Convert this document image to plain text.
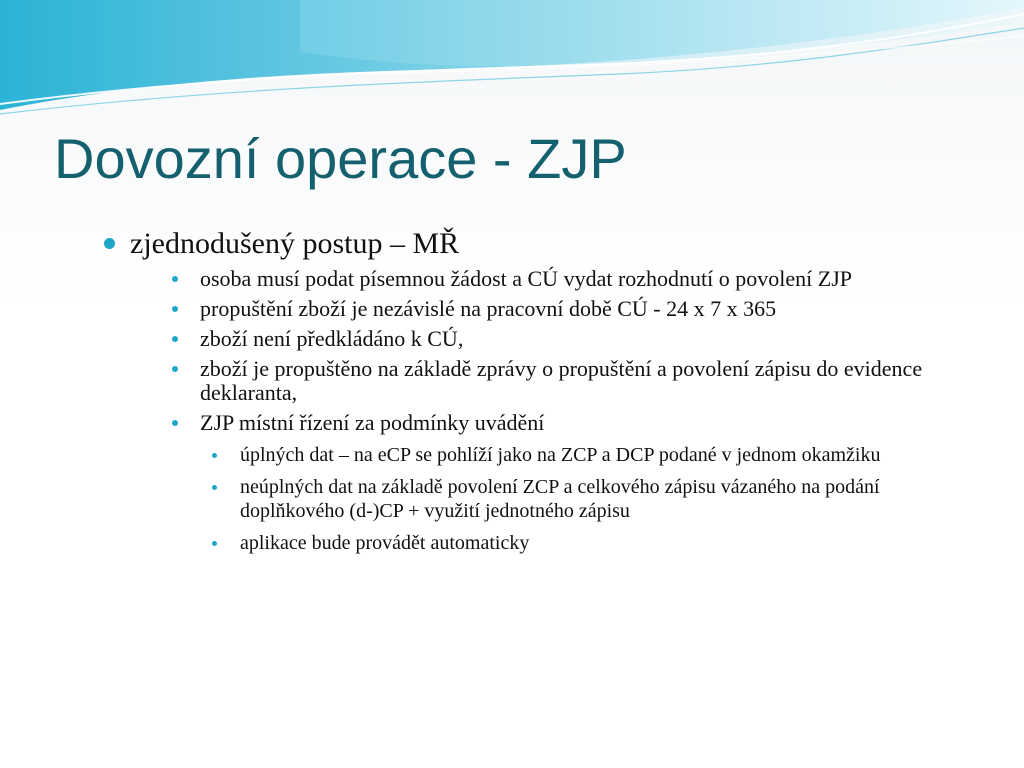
Dovozní operace - ZJP
zjednodušený postup – MŘ
osoba musí podat písemnou žádost a CÚ vydat rozhodnutí o povolení ZJP
propuštění zboží je nezávislé na pracovní době CÚ - 24 x 7 x 365
zboží není předkládáno k CÚ,
zboží je propuštěno na základě zprávy o propuštění a povolení zápisu do evidence deklaranta,
ZJP místní řízení za podmínky uvádění
úplných dat – na eCP se pohlíží jako na ZCP a DCP podané v jednom okamžiku
neúplných dat na základě povolení ZCP a celkového zápisu vázaného na podání doplňkového (d-)CP + využití jednotného zápisu
aplikace bude provádět automaticky
